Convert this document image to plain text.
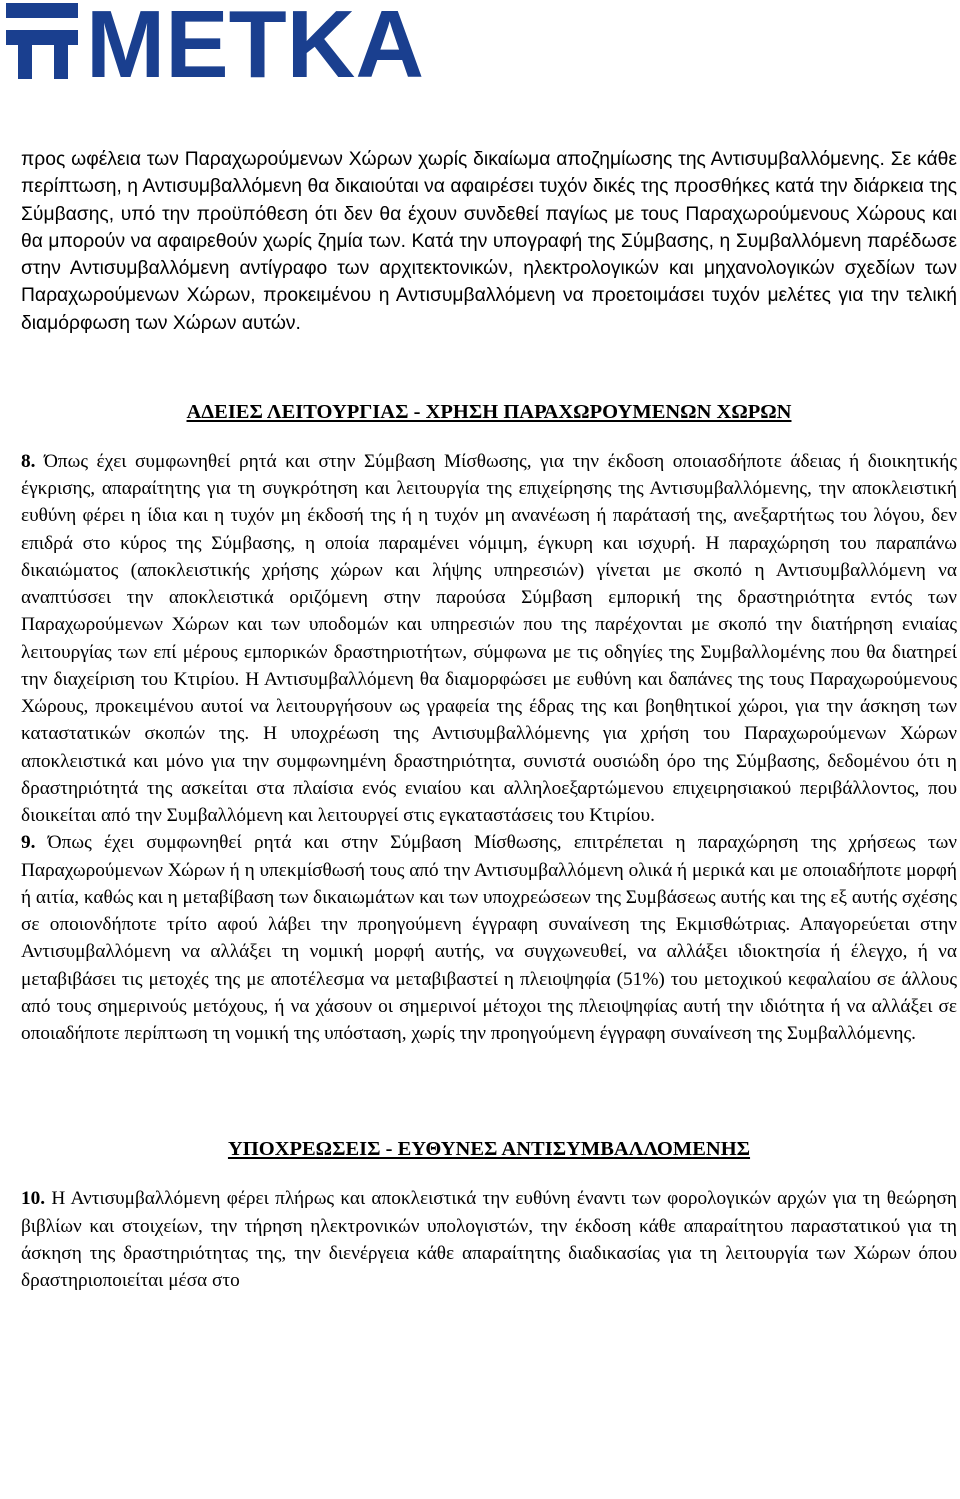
METKA

προς ωφέλεια των Παραχωρούμενων Χώρων χωρίς δικαίωμα αποζημίωσης της Αντισυμβαλλόμενης. Σε κάθε περίπτωση, η Αντισυμβαλλόμενη θα δικαιούται να αφαιρέσει τυχόν δικές της προσθήκες κατά την διάρκεια της Σύμβασης, υπό την προϋπόθεση ότι δεν θα έχουν συνδεθεί παγίως με τους Παραχωρούμενους Χώρους και θα μπορούν να αφαιρεθούν χωρίς ζημία των. Κατά την υπογραφή της Σύμβασης, η Συμβαλλόμενη παρέδωσε στην Αντισυμβαλλόμενη αντίγραφο των αρχιτεκτονικών, ηλεκτρολογικών και μηχανολογικών σχεδίων των Παραχωρούμενων Χώρων, προκειμένου η Αντισυμβαλλόμενη να προετοιμάσει τυχόν μελέτες για την τελική διαμόρφωση των Χώρων αυτών.

ΑΔΕΙΕΣ ΛΕΙΤΟΥΡΓΙΑΣ - ΧΡΗΣΗ ΠΑΡΑΧΩΡΟΥΜΕΝΩΝ ΧΩΡΩΝ

8. Όπως έχει συμφωνηθεί ρητά και στην Σύμβαση Μίσθωσης, για την έκδοση οποιασδήποτε άδειας ή διοικητικής έγκρισης, απαραίτητης για τη συγκρότηση και λειτουργία της επιχείρησης της Αντισυμβαλλόμενης, την αποκλειστική ευθύνη φέρει η ίδια και η τυχόν μη έκδοσή της ή η τυχόν μη ανανέωση ή παράτασή της, ανεξαρτήτως του λόγου, δεν επιδρά στο κύρος της Σύμβασης, η οποία παραμένει νόμιμη, έγκυρη και ισχυρή. Η παραχώρηση του παραπάνω δικαιώματος (αποκλειστικής χρήσης χώρων και λήψης υπηρεσιών) γίνεται με σκοπό η Αντισυμβαλλόμενη να αναπτύσσει την αποκλειστικά οριζόμενη στην παρούσα Σύμβαση εμπορική της δραστηριότητα εντός των Παραχωρούμενων Χώρων και των υποδομών και υπηρεσιών που της παρέχονται με σκοπό την διατήρηση ενιαίας λειτουργίας των επί μέρους εμπορικών δραστηριοτήτων, σύμφωνα με τις οδηγίες της Συμβαλλομένης που θα διατηρεί την διαχείριση του Κτιρίου. Η Αντισυμβαλλόμενη θα διαμορφώσει με ευθύνη και δαπάνες της τους Παραχωρούμενους Χώρους, προκειμένου αυτοί να λειτουργήσουν ως γραφεία της έδρας της και βοηθητικοί χώροι, για την άσκηση των καταστατικών σκοπών της. Η υποχρέωση της Αντισυμβαλλόμενης για χρήση του Παραχωρούμενων Χώρων αποκλειστικά και μόνο για την συμφωνημένη δραστηριότητα, συνιστά ουσιώδη όρο της Σύμβασης, δεδομένου ότι η δραστηριότητά της ασκείται στα πλαίσια ενός ενιαίου και αλληλοεξαρτώμενου επιχειρησιακού περιβάλλοντος, που διοικείται από την Συμβαλλόμενη και λειτουργεί στις εγκαταστάσεις του Κτιρίου.

9. Όπως έχει συμφωνηθεί ρητά και στην Σύμβαση Μίσθωσης, επιτρέπεται η παραχώρηση της χρήσεως των Παραχωρούμενων Χώρων ή η υπεκμίσθωσή τους από την Αντισυμβαλλόμενη ολικά ή μερικά και με οποιαδήποτε μορφή ή αιτία, καθώς και η μεταβίβαση των δικαιωμάτων και των υποχρεώσεων της Συμβάσεως αυτής και της εξ αυτής σχέσης σε οποιονδήποτε τρίτο αφού λάβει την προηγούμενη έγγραφη συναίνεση της Εκμισθώτριας. Απαγορεύεται στην Αντισυμβαλλόμενη να αλλάξει τη νομική μορφή αυτής, να συγχωνευθεί, να αλλάξει ιδιοκτησία ή έλεγχο, ή να μεταβιβάσει τις μετοχές της με αποτέλεσμα να μεταβιβαστεί η πλειοψηφία (51%) του μετοχικού κεφαλαίου σε άλλους από τους σημερινούς μετόχους, ή να χάσουν οι σημερινοί μέτοχοι της πλειοψηφίας αυτή την ιδιότητα ή να αλλάξει σε οποιαδήποτε περίπτωση τη νομική της υπόσταση, χωρίς την προηγούμενη έγγραφη συναίνεση της Συμβαλλόμενης.

ΥΠΟΧΡΕΩΣΕΙΣ - ΕΥΘΥΝΕΣ ΑΝΤΙΣΥΜΒΑΛΛΟΜΕΝΗΣ

10. Η Αντισυμβαλλόμενη φέρει πλήρως και αποκλειστικά την ευθύνη έναντι των φορολογικών αρχών για τη θεώρηση βιβλίων και στοιχείων, την τήρηση ηλεκτρονικών υπολογιστών, την έκδοση κάθε απαραίτητου παραστατικού για τη άσκηση της δραστηριότητας της, την διενέργεια κάθε απαραίτητης διαδικασίας για τη λειτουργία των Χώρων όπου δραστηριοποιείται μέσα στο
